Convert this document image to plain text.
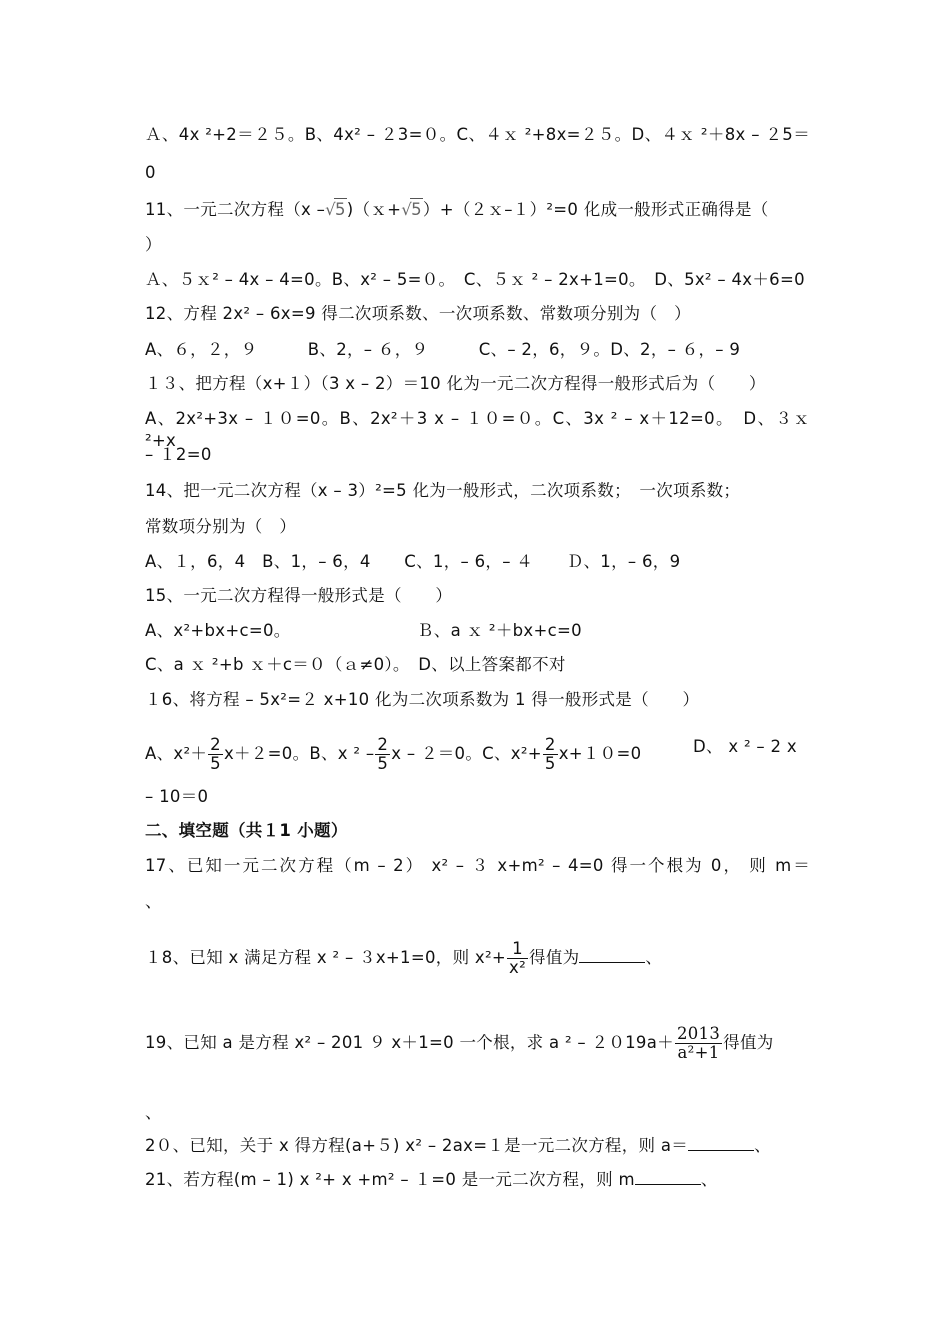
Ａ、4x ²+2＝２５。B、4x² – ２3=０。C、４ｘ ²+8x=２５。D、４ｘ ²＋8x – ２5＝
0
11、一元二次方程（x –√5)（ｘ+√5）+（２ｘ–１）²=0 化成一般形式正确得是（
）
Ａ、５ｘ² – 4x – 4=0。B、x² – 5=０。　C、５ｘ ² – 2x+1=0。　D、5x² – 4x＋6=0
12、方程 2x² – 6x=9 得二次项系数、一次项系数、常数项分别为（　）
A、６，２，９　　　B、2，– ６，９　　　C、– 2，6，９。D、2，– ６，– 9
１３、把方程（x+１）（3 x – 2）＝10 化为一元二次方程得一般形式后为（　　）
A、2x²+3x – １０=0。B、2x²＋3 x – １０=０。C、3x ² – x＋12=0。　D、３ｘ ²+x
– １2=0
14、把一元二次方程（x – 3）²=5 化为一般形式，二次项系数；　一次项系数；
常数项分别为（　）
A、１，6，4　B、1，– 6，4　　C、1，– 6，– ４　　Ｄ、1，– 6，9
15、一元二次方程得一般形式是（　　）
A、x²+bx+c=0。	Ｂ、a ｘ ²＋bx+c=0
C、a ｘ ²+b ｘ＋c＝０（ａ≠0）。　D、以上答案都不对
１6、将方程 – 5x²=２ x+10 化为二次项系数为 1 得一般形式是（　　）
A、$x^2+ \frac{2}{5} x+2=0$。B、x $^2 - \frac{2}{5}$ x – ２＝0。C、$x^2+ \frac{2}{5} x+10=0$	D、 x ² – 2 x
– 10＝0
二、填空题（共１1 小题）
17、已知一元二次方程（m – 2） x² – ３ x+m² – 4=0 得一个根为 0， 则 m＝
、
１8、已知 x 满足方程 x ² – ３x+1=0，则 $x^2+ \frac{1}{\text{x²}}$ 得值为	、
19、已知 a 是方程 x² – 201 ９ x＋1=0 一个根，求 a $^2 - 2019a+ \frac{2013}{\text{a²+1}}$ 得值为
、
2０、已知，关于 x 得方程(a+５) x² – 2ax=１是一元二次方程，则 a＝	、
21、若方程(m – 1) x ²+ x +m² – １=0 是一元二次方程，则 m	、
